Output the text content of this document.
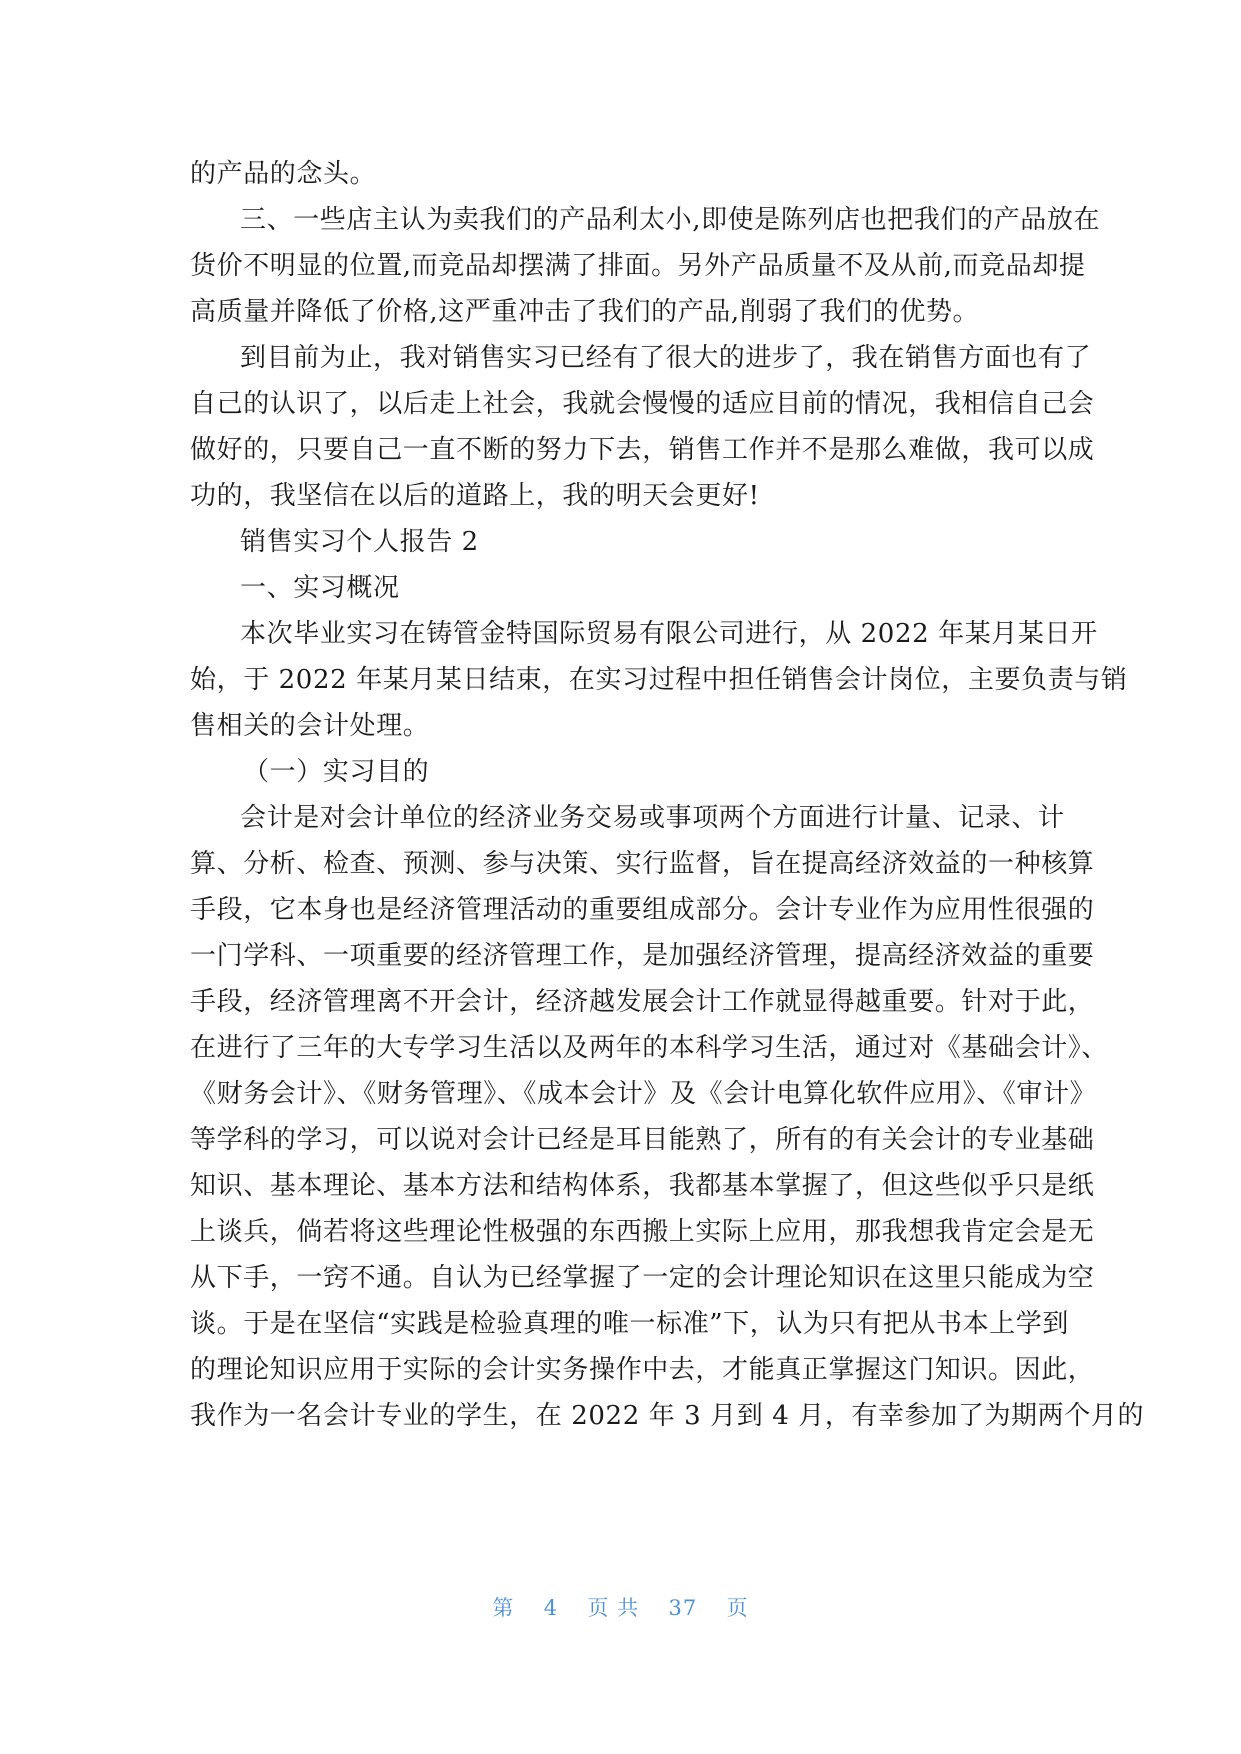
的产品的念头。
三、一些店主认为卖我们的产品利太小,即使是陈列店也把我们的产品放在
货价不明显的位置,而竞品却摆满了排面。另外产品质量不及从前,而竞品却提
高质量并降低了价格,这严重冲击了我们的产品,削弱了我们的优势。
到目前为止，我对销售实习已经有了很大的进步了，我在销售方面也有了
自己的认识了，以后走上社会，我就会慢慢的适应目前的情况，我相信自己会
做好的，只要自己一直不断的努力下去，销售工作并不是那么难做，我可以成
功的，我坚信在以后的道路上，我的明天会更好!
销售实习个人报告 2
一、实习概况
本次毕业实习在铸管金特国际贸易有限公司进行，从 2022 年某月某日开
始，于 2022 年某月某日结束，在实习过程中担任销售会计岗位，主要负责与销
售相关的会计处理。
（一）实习目的
会计是对会计单位的经济业务交易或事项两个方面进行计量、记录、计
算、分析、检查、预测、参与决策、实行监督，旨在提高经济效益的一种核算
手段，它本身也是经济管理活动的重要组成部分。会计专业作为应用性很强的
一门学科、一项重要的经济管理工作，是加强经济管理，提高经济效益的重要
手段，经济管理离不开会计，经济越发展会计工作就显得越重要。针对于此，
在进行了三年的大专学习生活以及两年的本科学习生活，通过对《基础会计》、
《财务会计》、《财务管理》、《成本会计》及《会计电算化软件应用》、《审计》
等学科的学习，可以说对会计已经是耳目能熟了，所有的有关会计的专业基础
知识、基本理论、基本方法和结构体系，我都基本掌握了，但这些似乎只是纸
上谈兵，倘若将这些理论性极强的东西搬上实际上应用，那我想我肯定会是无
从下手，一窍不通。自认为已经掌握了一定的会计理论知识在这里只能成为空
谈。于是在坚信“实践是检验真理的唯一标准”下，认为只有把从书本上学到
的理论知识应用于实际的会计实务操作中去，才能真正掌握这门知识。因此，
我作为一名会计专业的学生，在 2022 年 3 月到 4 月，有幸参加了为期两个月的
第 4 页 共 37 页
